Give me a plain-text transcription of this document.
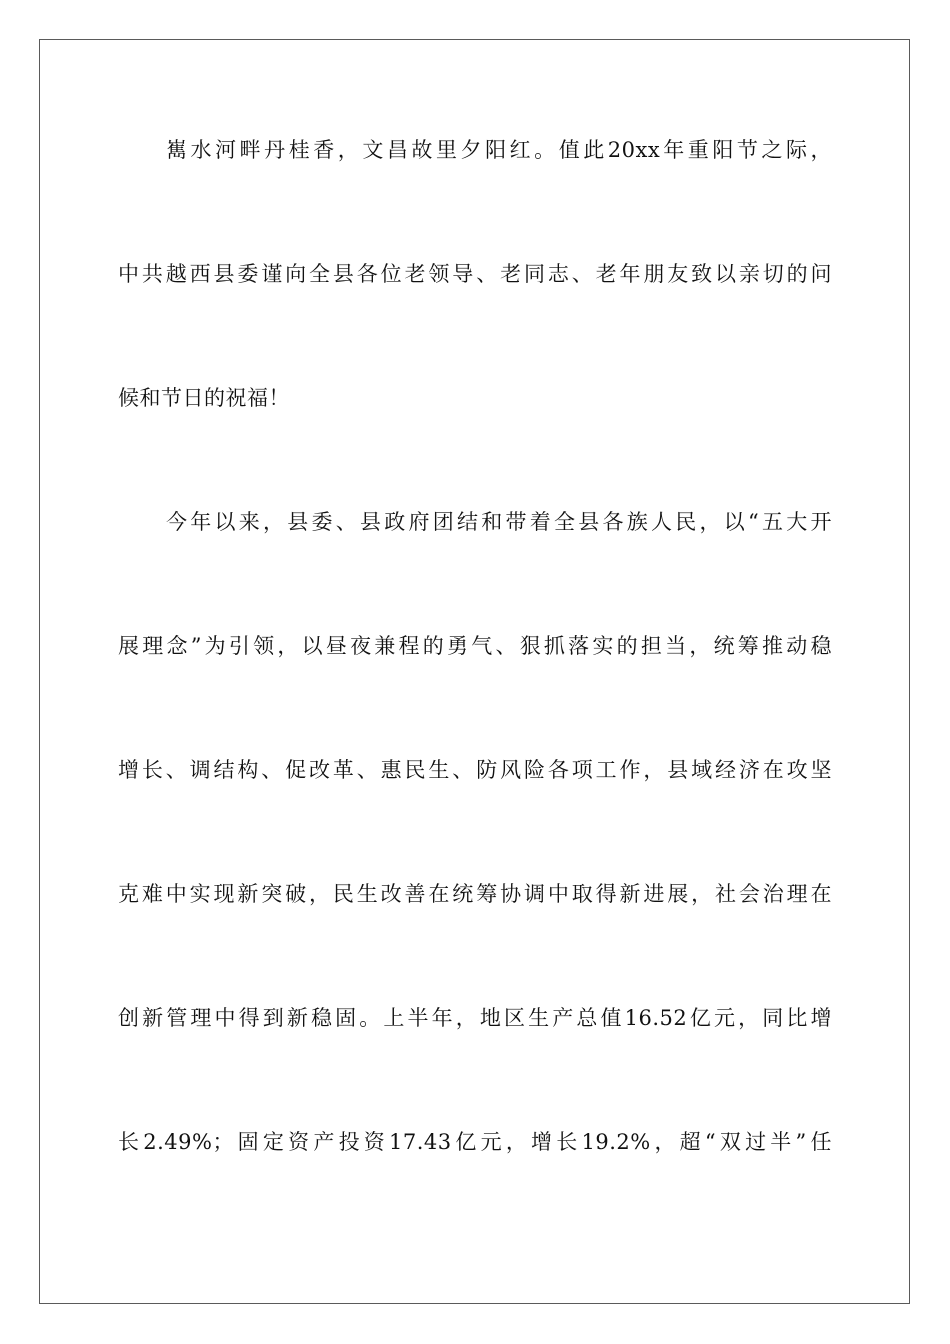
嶲水河畔丹桂香，文昌故里夕阳红。值此20xx年重阳节之际，
中共越西县委谨向全县各位老领导、老同志、老年朋友致以亲切的问
候和节日的祝福！
今年以来，县委、县政府团结和带着全县各族人民，以“五大开
展理念”为引领，以昼夜兼程的勇气、狠抓落实的担当，统筹推动稳
增长、调结构、促改革、惠民生、防风险各项工作，县域经济在攻坚
克难中实现新突破，民生改善在统筹协调中取得新进展，社会治理在
创新管理中得到新稳固。上半年，地区生产总值16.52亿元，同比增
长2.49%；固定资产投资17.43亿元，增长19.2%，超“双过半”任
